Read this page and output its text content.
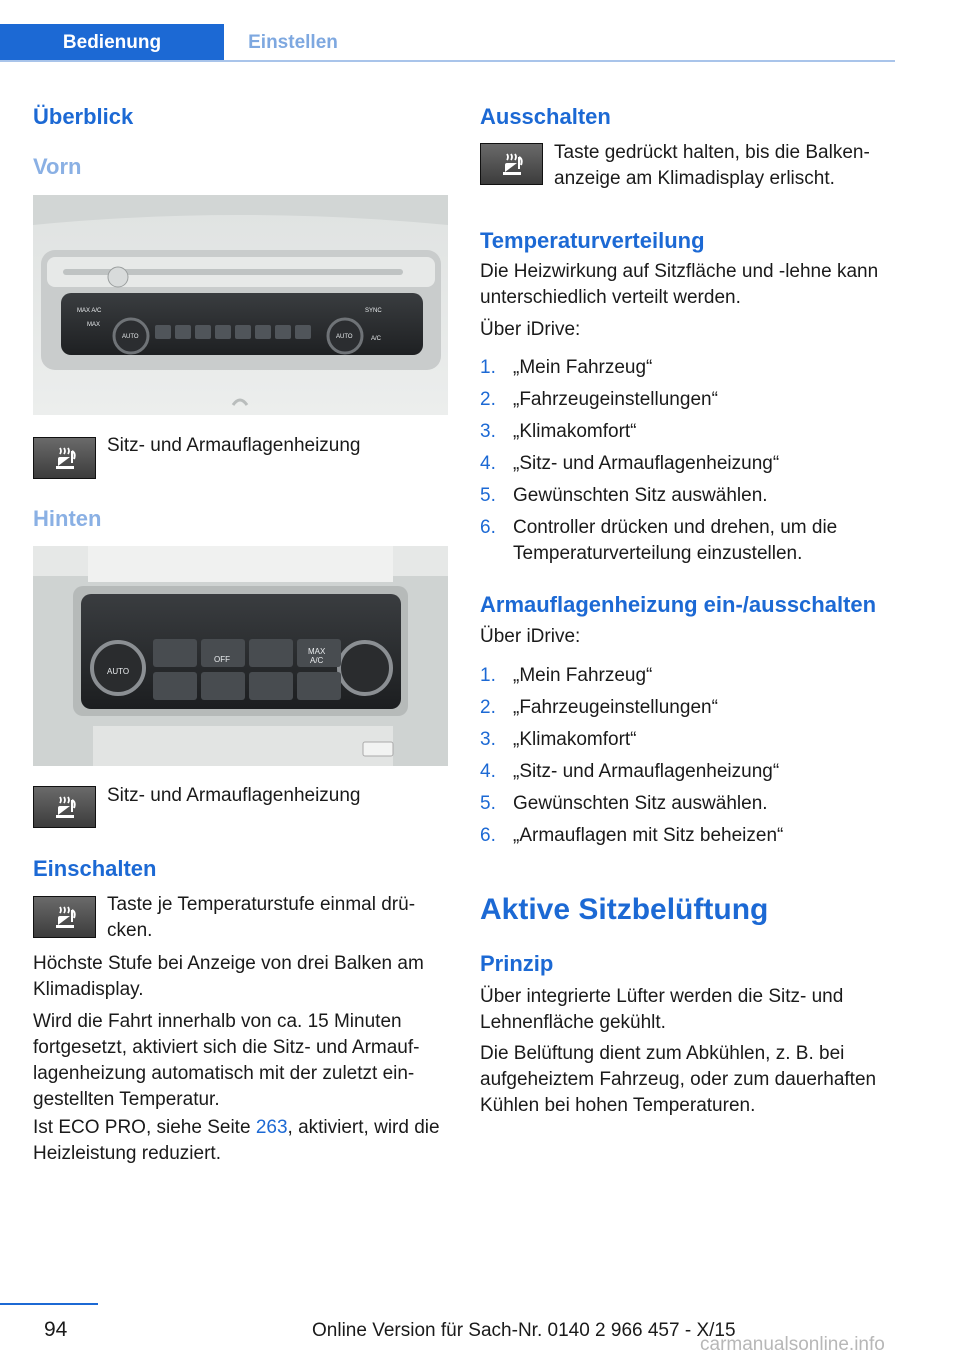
Bedienung	Einstellen
Überblick
Vorn
MAX A/C
MAX
AUTO	AUTO
SYNC
A/C
Sitz- und Armauflagenheizung
Hinten
AUTO
OFF
MAX
A/C
Sitz- und Armauflagenheizung
Einschalten
Taste je Temperaturstufe einmal drü-
cken.
Höchste Stufe bei Anzeige von drei Balken am Klimadisplay.
Wird die Fahrt innerhalb von ca. 15 Minuten fortgesetzt, aktiviert sich die Sitz- und Armauf-lagenheizung automatisch mit der zuletzt ein-gestellten Temperatur.
Ist ECO PRO, siehe Seite 263, aktiviert, wird die Heizleistung reduziert.
Ausschalten
Taste gedrückt halten, bis die Balken-
anzeige am Klimadisplay erlischt.
Temperaturverteilung
Die Heizwirkung auf Sitzfläche und -lehne kann unterschiedlich verteilt werden.
Über iDrive:
1. „Mein Fahrzeug“
2. „Fahrzeugeinstellungen“
3. „Klimakomfort“
4. „Sitz- und Armauflagenheizung“
5. Gewünschten Sitz auswählen.
6. Controller drücken und drehen, um die Temperaturverteilung einzustellen.
Armauflagenheizung ein-/ausschalten
Über iDrive:
1. „Mein Fahrzeug“
2. „Fahrzeugeinstellungen“
3. „Klimakomfort“
4. „Sitz- und Armauflagenheizung“
5. Gewünschten Sitz auswählen.
6. „Armauflagen mit Sitz beheizen“
Aktive Sitzbelüftung
Prinzip
Über integrierte Lüfter werden die Sitz- und Lehnenfläche gekühlt.
Die Belüftung dient zum Abkühlen, z. B. bei aufgeheiztem Fahrzeug, oder zum dauerhaften Kühlen bei hohen Temperaturen.
94	Online Version für Sach-Nr. 0140 2 966 457 - X/15
carmanualsonline.info
